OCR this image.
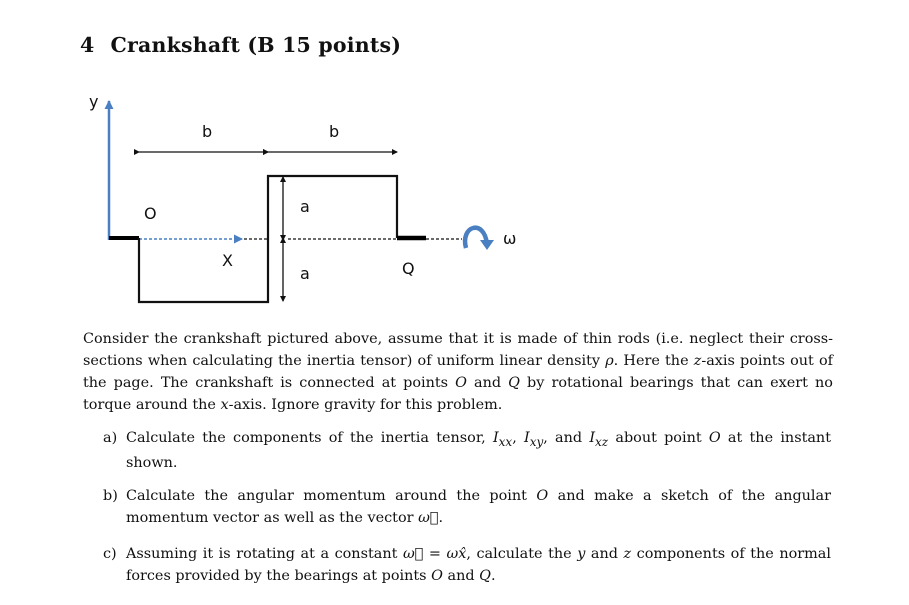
4 Crankshaft (B 15 points)
y
b	b
a
a
O
X	Q
ω
Consider the crankshaft pictured above, assume that it is made of thin rods (i.e. neglect their cross-sections when calculating the inertia tensor) of uniform linear density ρ. Here the z-axis points out of the page. The crankshaft is connected at points O and Q by rotational bearings that can exert no torque around the x-axis. Ignore gravity for this problem.
a) Calculate the components of the inertia tensor, $I_{xx}$, $I_{xy}$, and $I_{xz}$ about point O at the instant shown.
b) Calculate the angular momentum around the point O and make a sketch of the angular momentum vector as well as the vector ω⃗.
c) Assuming it is rotating at a constant ω⃗ = ωx̂, calculate the y and z components of the normal forces provided by the bearings at points O and Q.
